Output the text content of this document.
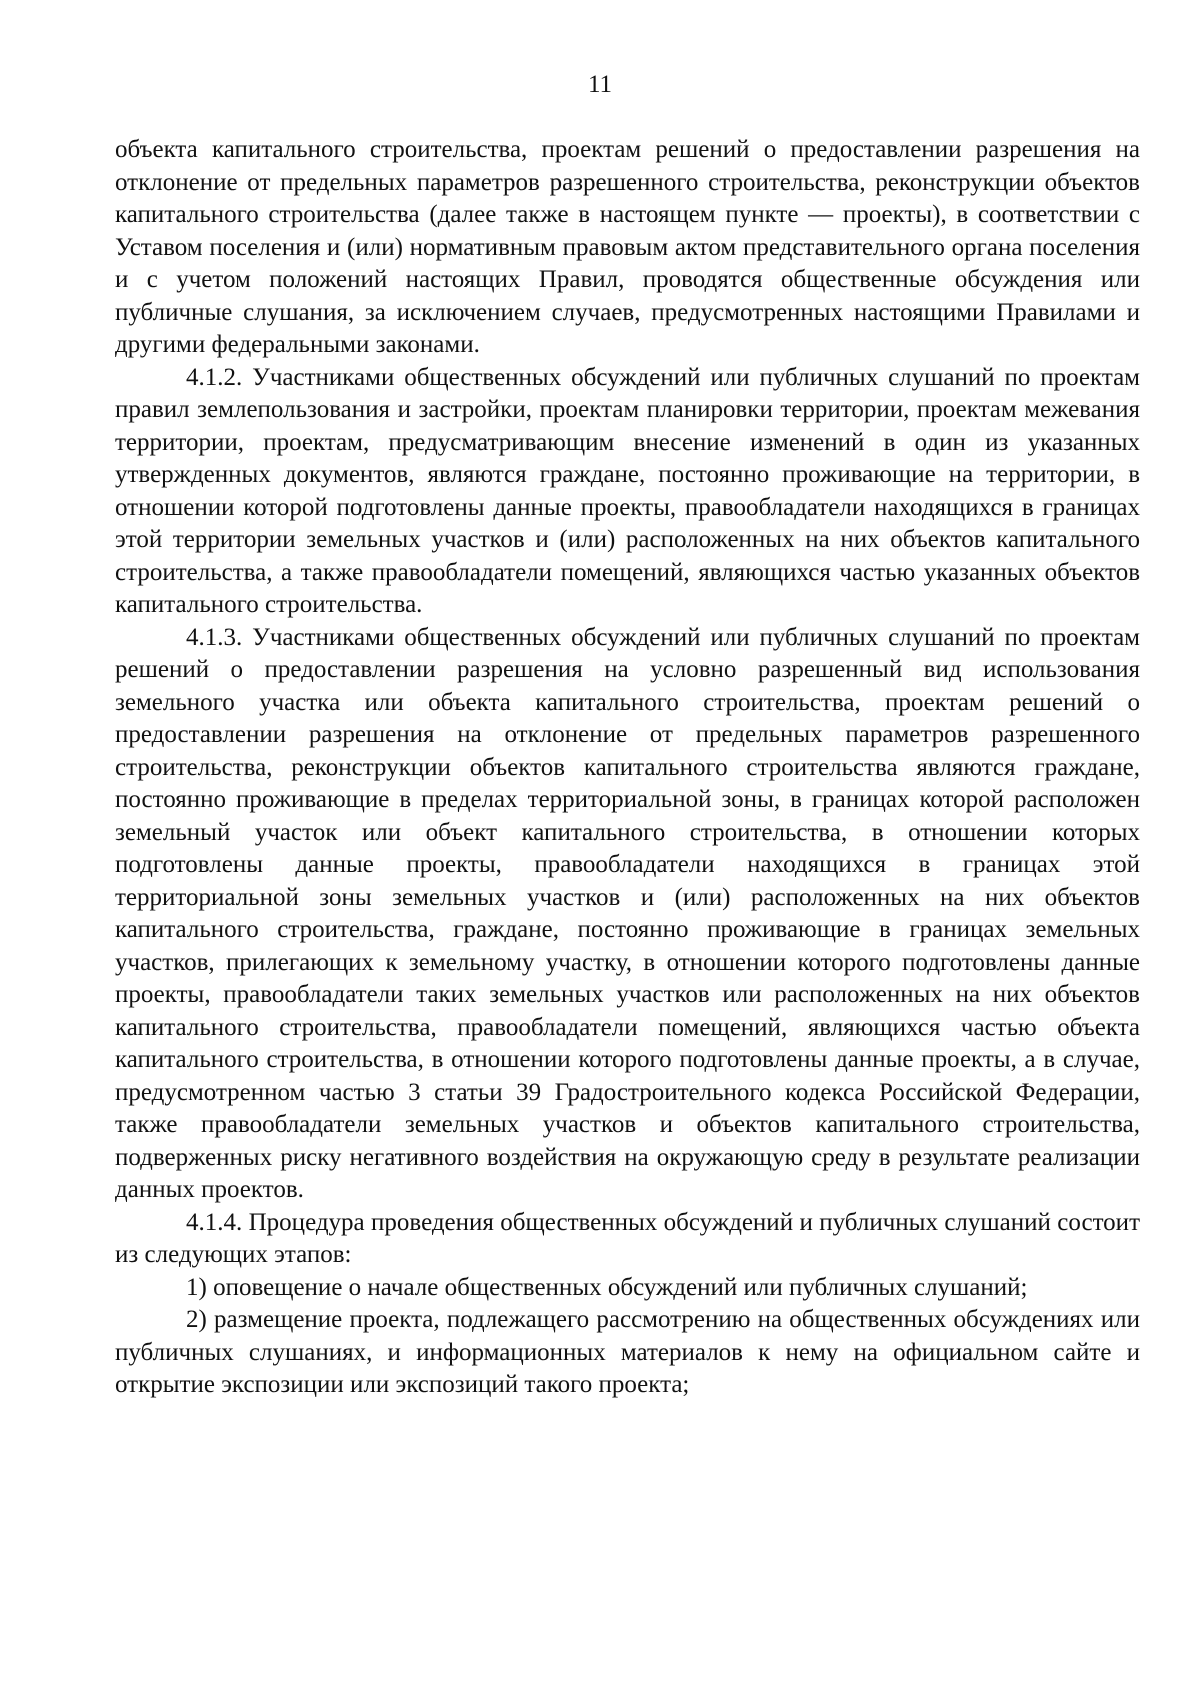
11

объекта капитального строительства, проектам решений о предоставлении разрешения на отклонение от предельных параметров разрешенного строительства, реконструкции объектов капитального строительства (далее также в настоящем пункте — проекты), в соответствии с Уставом поселения и (или) нормативным правовым актом представительного органа поселения и с учетом положений настоящих Правил, проводятся общественные обсуждения или публичные слушания, за исключением случаев, предусмотренных настоящими Правилами и другими федеральными законами.

4.1.2. Участниками общественных обсуждений или публичных слушаний по проектам правил землепользования и застройки, проектам планировки территории, проектам межевания территории, проектам, предусматривающим внесение изменений в один из указанных утвержденных документов, являются граждане, постоянно проживающие на территории, в отношении которой подготовлены данные проекты, правообладатели находящихся в границах этой территории земельных участков и (или) расположенных на них объектов капитального строительства, а также правообладатели помещений, являющихся частью указанных объектов капитального строительства.

4.1.3. Участниками общественных обсуждений или публичных слушаний по проектам решений о предоставлении разрешения на условно разрешенный вид использования земельного участка или объекта капитального строительства, проектам решений о предоставлении разрешения на отклонение от предельных параметров разрешенного строительства, реконструкции объектов капитального строительства являются граждане, постоянно проживающие в пределах территориальной зоны, в границах которой расположен земельный участок или объект капитального строительства, в отношении которых подготовлены данные проекты, правообладатели находящихся в границах этой территориальной зоны земельных участков и (или) расположенных на них объектов капитального строительства, граждане, постоянно проживающие в границах земельных участков, прилегающих к земельному участку, в отношении которого подготовлены данные проекты, правообладатели таких земельных участков или расположенных на них объектов капитального строительства, правообладатели помещений, являющихся частью объекта капитального строительства, в отношении которого подготовлены данные проекты, а в случае, предусмотренном частью 3 статьи 39 Градостроительного кодекса Российской Федерации, также правообладатели земельных участков и объектов капитального строительства, подверженных риску негативного воздействия на окружающую среду в результате реализации данных проектов.

4.1.4. Процедура проведения общественных обсуждений и публичных слушаний состоит из следующих этапов:

1) оповещение о начале общественных обсуждений или публичных слушаний;

2) размещение проекта, подлежащего рассмотрению на общественных обсуждениях или публичных слушаниях, и информационных материалов к нему на официальном сайте и открытие экспозиции или экспозиций такого проекта;
